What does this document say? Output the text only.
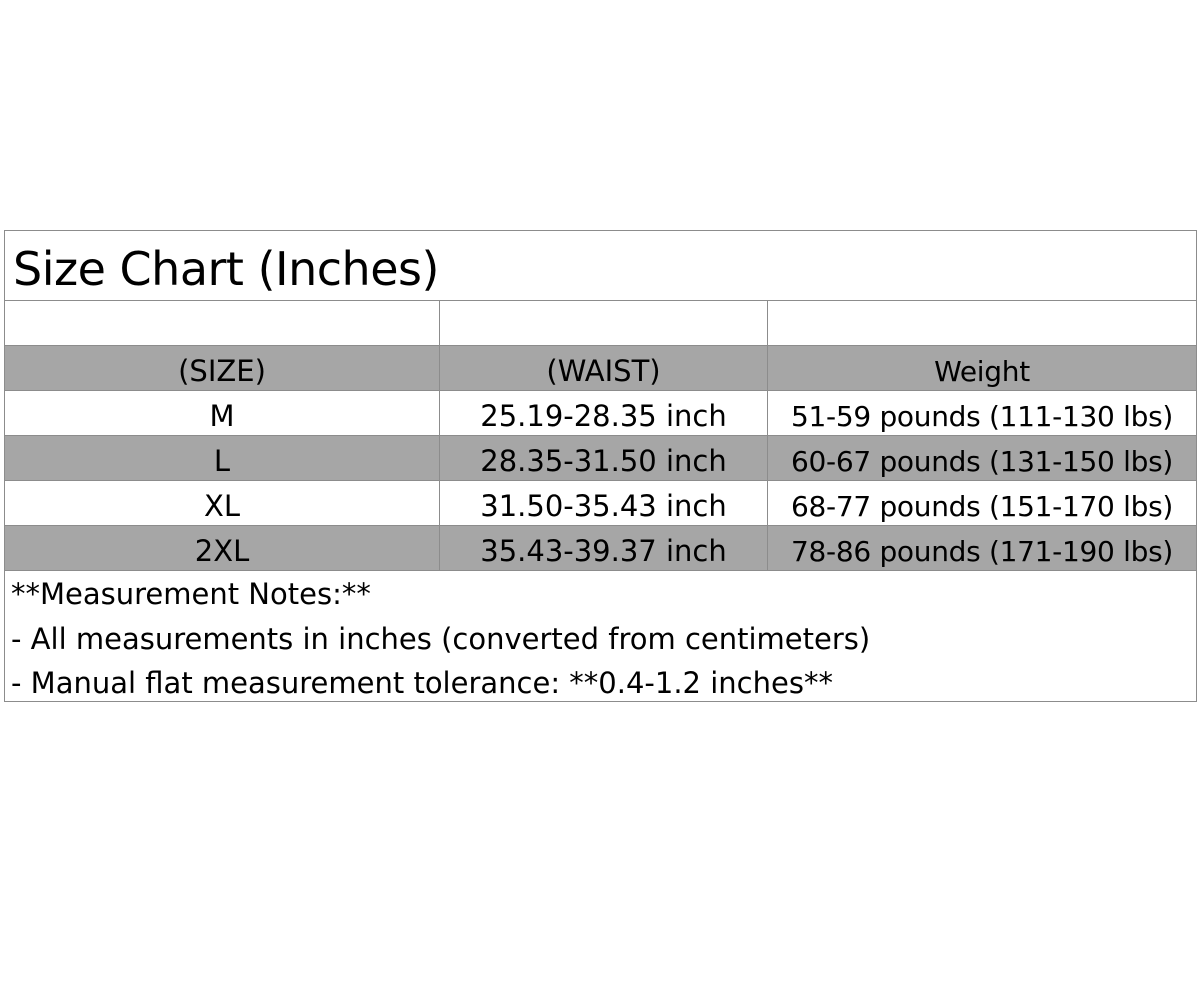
Size Chart (Inches)
(SIZE)	(WAIST)	Weight
M	25.19-28.35 inch	51-59 pounds (111-130 lbs)
L	28.35-31.50 inch	60-67 pounds (131-150 lbs)
XL	31.50-35.43 inch	68-77 pounds (151-170 lbs)
2XL	35.43-39.37 inch	78-86 pounds (171-190 lbs)
**Measurement Notes:**
- All measurements in inches (converted from centimeters)
- Manual flat measurement tolerance: **0.4-1.2 inches**
